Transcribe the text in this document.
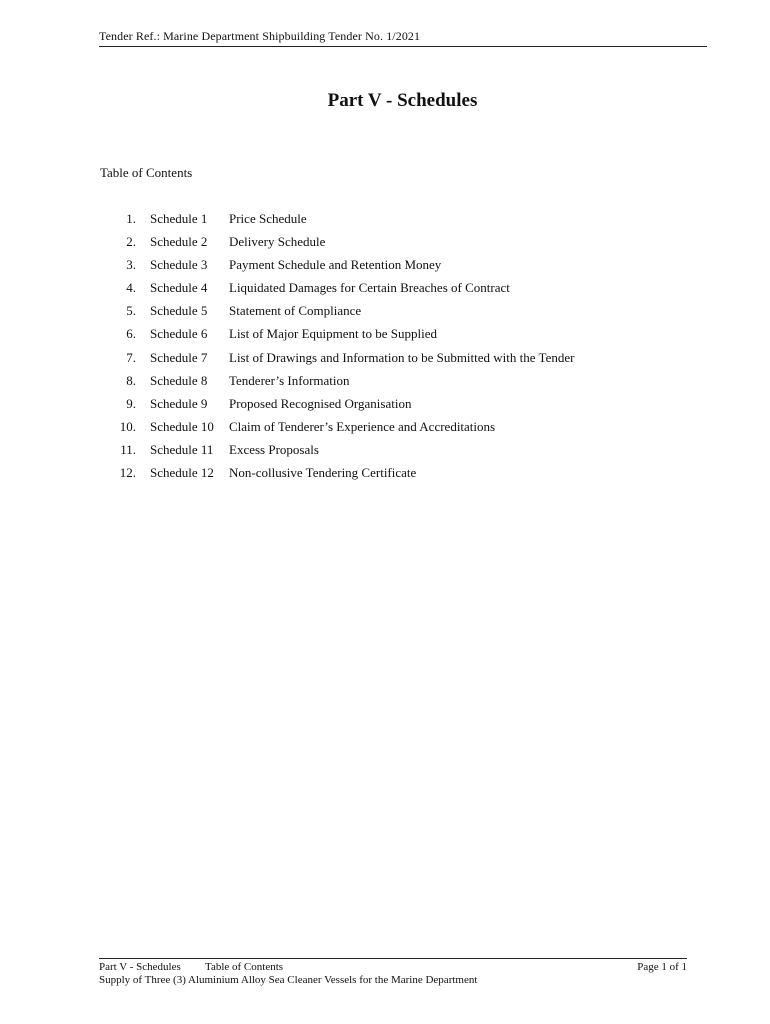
Tender Ref.: Marine Department Shipbuilding Tender No. 1/2021
Part V - Schedules
Table of Contents
1. Schedule 1 Price Schedule
2. Schedule 2 Delivery Schedule
3. Schedule 3 Payment Schedule and Retention Money
4. Schedule 4 Liquidated Damages for Certain Breaches of Contract
5. Schedule 5 Statement of Compliance
6. Schedule 6 List of Major Equipment to be Supplied
7. Schedule 7 List of Drawings and Information to be Submitted with the Tender
8. Schedule 8 Tenderer’s Information
9. Schedule 9 Proposed Recognised Organisation
10. Schedule 10 Claim of Tenderer’s Experience and Accreditations
11. Schedule 11 Excess Proposals
12. Schedule 12 Non-collusive Tendering Certificate
Part V - Schedules Table of Contents	Page 1 of 1
Supply of Three (3) Aluminium Alloy Sea Cleaner Vessels for the Marine Department
